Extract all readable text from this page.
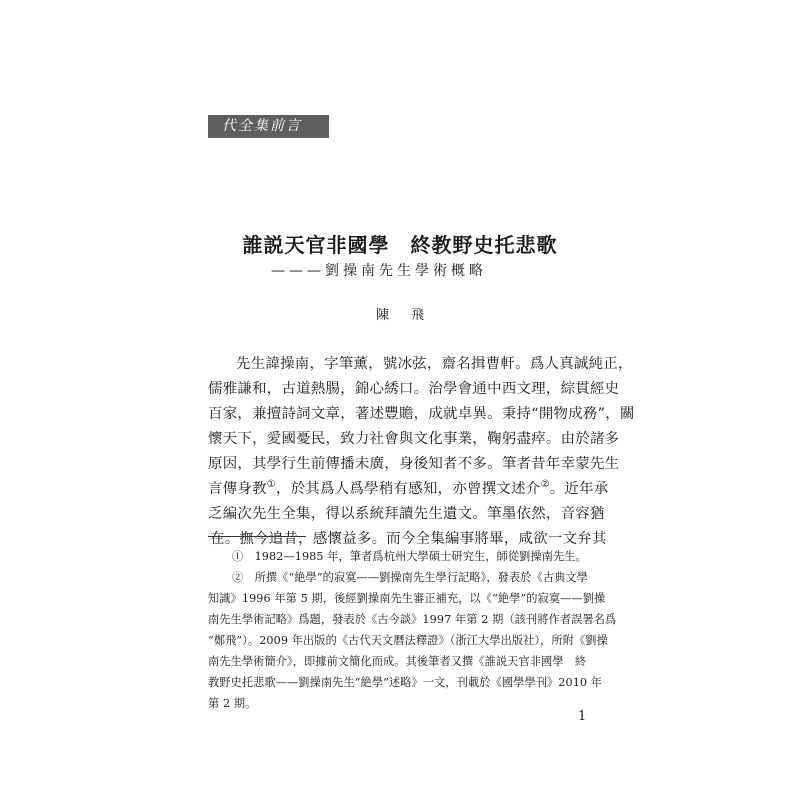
代全集前言
誰説天官非國學　終教野史托悲歌
———劉操南先生學術概略
陳飛
先生諱操南，字筆薰，號冰弦，齋名揖曹軒。爲人真誠純正，
儒雅謙和，古道熱腸，錦心綉口。治學會通中西文理，綜貫經史
百家，兼擅詩詞文章，著述豐贍，成就卓異。秉持“開物成務”，關
懷天下，愛國憂民，致力社會與文化事業，鞠躬盡瘁。由於諸多
原因，其學行生前傳播未廣，身後知者不多。筆者昔年幸蒙先生
言傳身教①，於其爲人爲學稍有感知，亦曾撰文述介②。近年承
乏編次先生全集，得以系統拜讀先生遺文。筆墨依然，音容猶
在。撫今追昔，感懷益多。而今全集編事將畢，咸欲一文弁其
①　1982—1985 年，筆者爲杭州大學碩士研究生，師從劉操南先生。
②　所撰《“絶學”的寂寞——劉操南先生學行記略》，發表於《古典文學
知識》1996 年第 5 期，後經劉操南先生審正補充，以《“絶學”的寂寞——劉操
南先生學術記略》爲題，發表於《古今談》1997 年第 2 期（該刊將作者誤署名爲
“鄭飛”）。2009 年出版的《古代天文曆法釋證》（浙江大學出版社），所附《劉操
南先生學術簡介》，即據前文簡化而成。其後筆者又撰《誰説天官非國學　終
教野史托悲歌——劉操南先生“絶學”述略》一文，刊載於《國學學刊》2010 年
第 2 期。
1
